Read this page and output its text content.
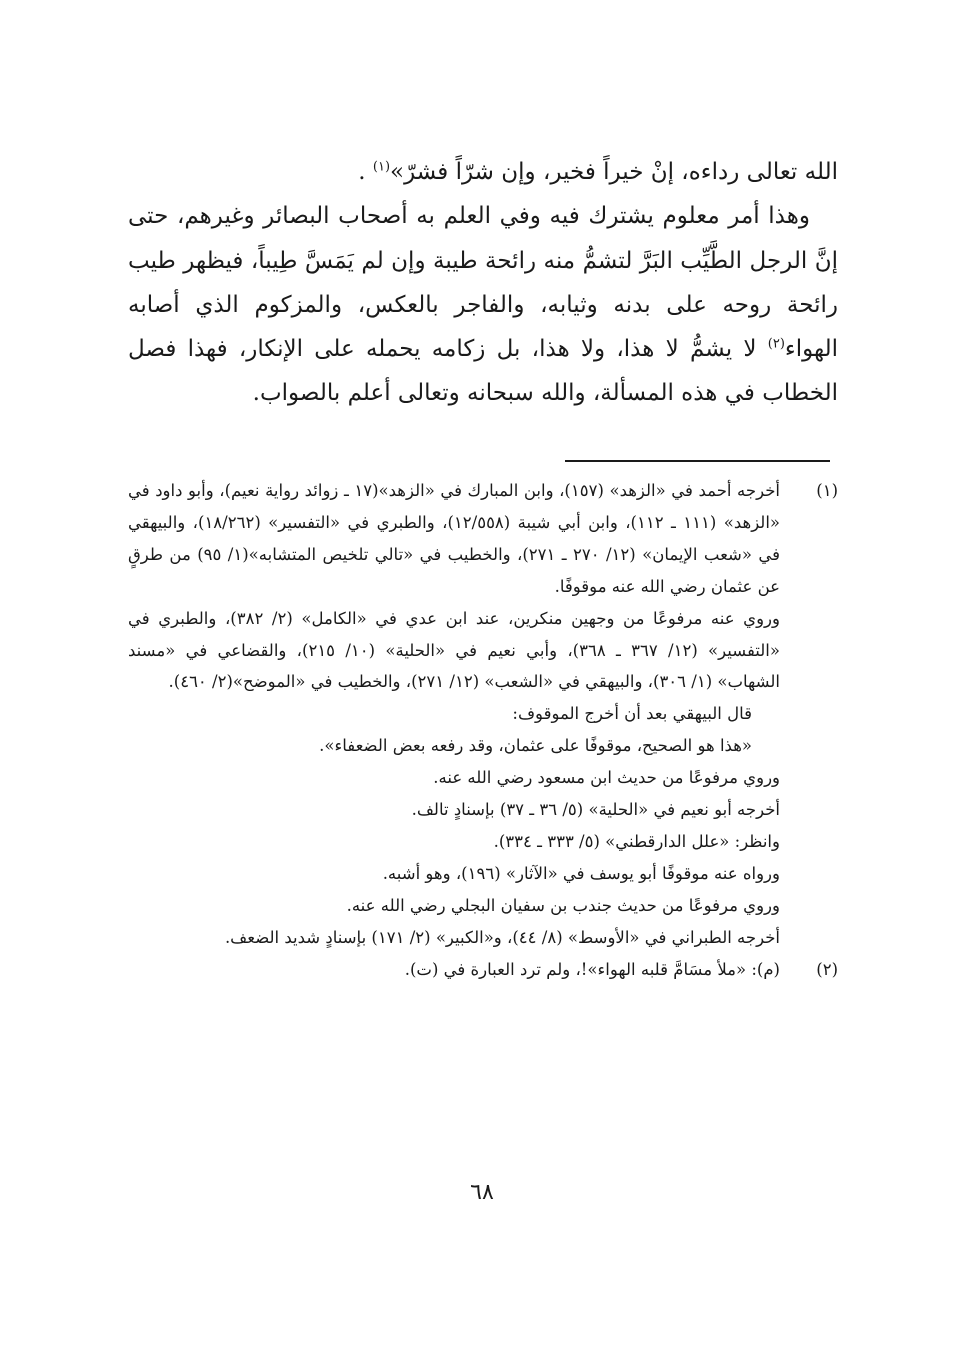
الله تعالى رداءه، إنْ خيراً فخير، وإن شرّاً فشرّ»$^{(١)}$ .

وهذا أمر معلوم يشترك فيه وفي العلم به أصحاب البصائر وغيرهم، حتى إنَّ الرجل الطَّيِّب البَرَّ لتشمُّ منه رائحة طيبة وإن لم يَمَسَّ طِيباً، فيظهر طيب رائحة روحه على بدنه وثيابه، والفاجر بالعكس، والمزكوم الذي أصابه الهواء$^{(٢)}$ لا يشمُّ لا هذا، ولا هذا، بل زكامه يحمله على الإنكار، فهذا فصل الخطاب في هذه المسألة، والله سبحانه وتعالى أعلم بالصواب.

(١)

أخرجه أحمد في «الزهد» (١٥٧)، وابن المبارك في «الزهد»(١٧ ـ زوائد رواية نعيم)، وأبو داود في «الزهد» (١١١ ـ ١١٢)، وابن أبي شيبة (١٢/٥٥٨)، والطبري في «التفسير» (١٨/٢٦٢)، والبيهقي في «شعب الإيمان» (١٢/ ٢٧٠ ـ ٢٧١)، والخطيب في «تالي تلخيص المتشابه»(١/ ٩٥) من طرقٍ عن عثمان رضي الله عنه موقوفًا.

وروي عنه مرفوعًا من وجهين منكرين، عند ابن عدي في «الكامل» (٢/ ٣٨٢)، والطبري في «التفسير» (١٢/ ٣٦٧ ـ ٣٦٨)، وأبي نعيم في «الحلية» (١٠/ ٢١٥)، والقضاعي في «مسند الشهاب» (١/ ٣٠٦)، والبيهقي في «الشعب» (١٢/ ٢٧١)، والخطيب في «الموضح»(٢/ ٤٦٠).

قال البيهقي بعد أن أخرج الموقوف:

«هذا هو الصحيح، موقوفًا على عثمان، وقد رفعه بعض الضعفاء».

وروي مرفوعًا من حديث ابن مسعود رضي الله عنه.

أخرجه أبو نعيم في «الحلية» (٥/ ٣٦ ـ ٣٧) بإسنادٍ تالف.

وانظر: «علل الدارقطني» (٥/ ٣٣٣ ـ ٣٣٤).

ورواه عنه موقوفًا أبو يوسف في «الآثار» (١٩٦)، وهو أشبه.

وروي مرفوعًا من حديث جندب بن سفيان البجلي رضي الله عنه.

أخرجه الطبراني في «الأوسط» (٨/ ٤٤)، و«الكبير» (٢/ ١٧١) بإسنادٍ شديد الضعف.

(٢)

(م): «ملأ مسَامَّ قلبه الهواء»!، ولم ترد العبارة في (ت).

٦٨
